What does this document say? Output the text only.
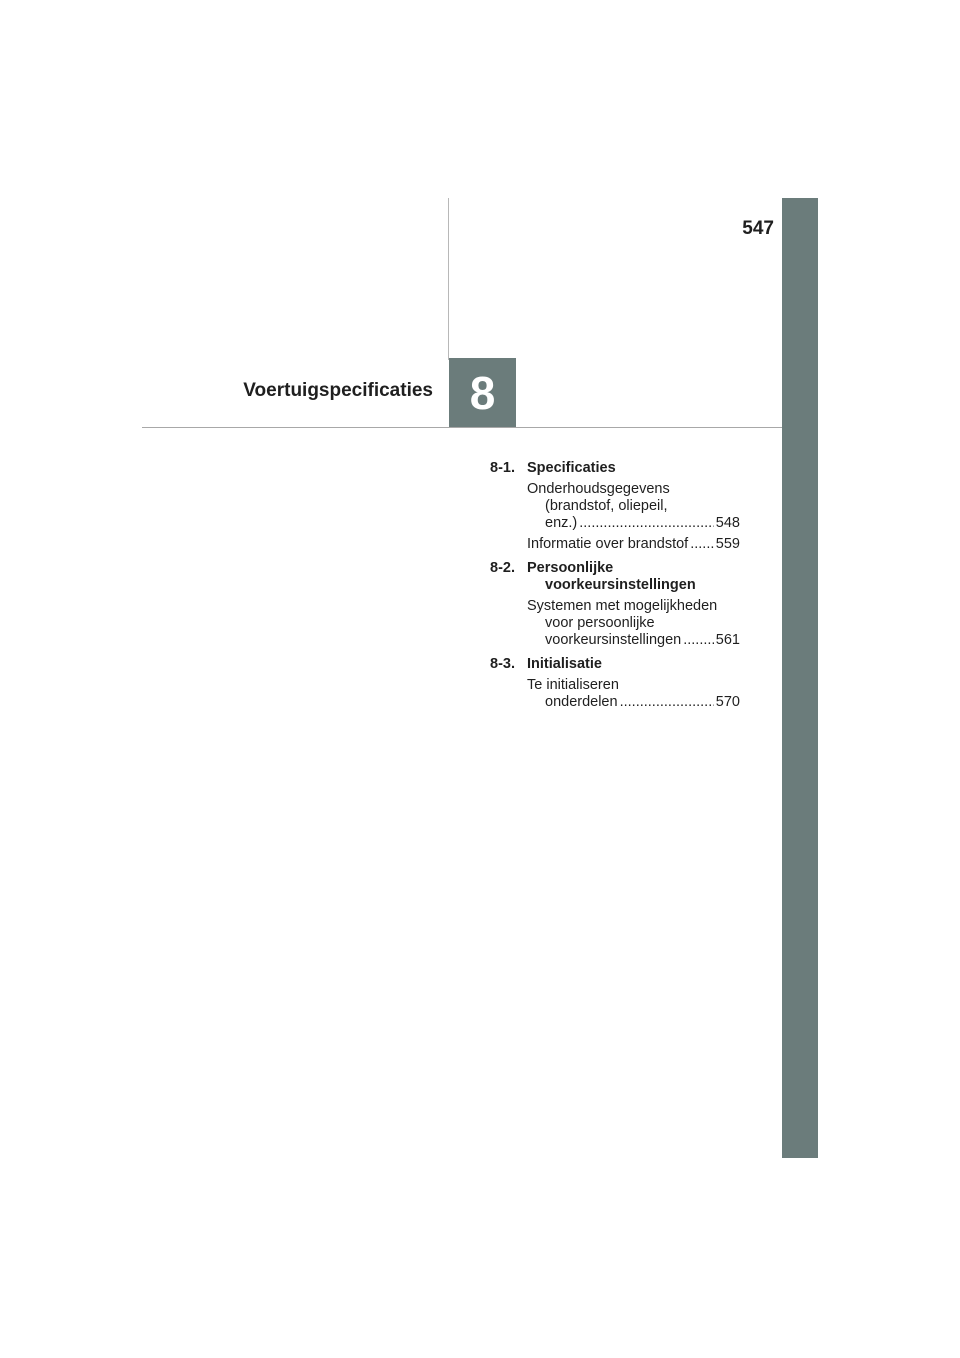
547
8
Voertuigspecificaties
8-1. Specificaties
Onderhoudsgegevens
(brandstof, oliepeil,
enz.) .....	548
Informatie over brandstof ..... 559
8-2. Persoonlijke voorkeursinstellingen
Systemen met mogelijkheden
voor persoonlijke
voorkeursinstellingen ..... 561
8-3. Initialisatie
Te initialiseren
onderdelen .....	570
